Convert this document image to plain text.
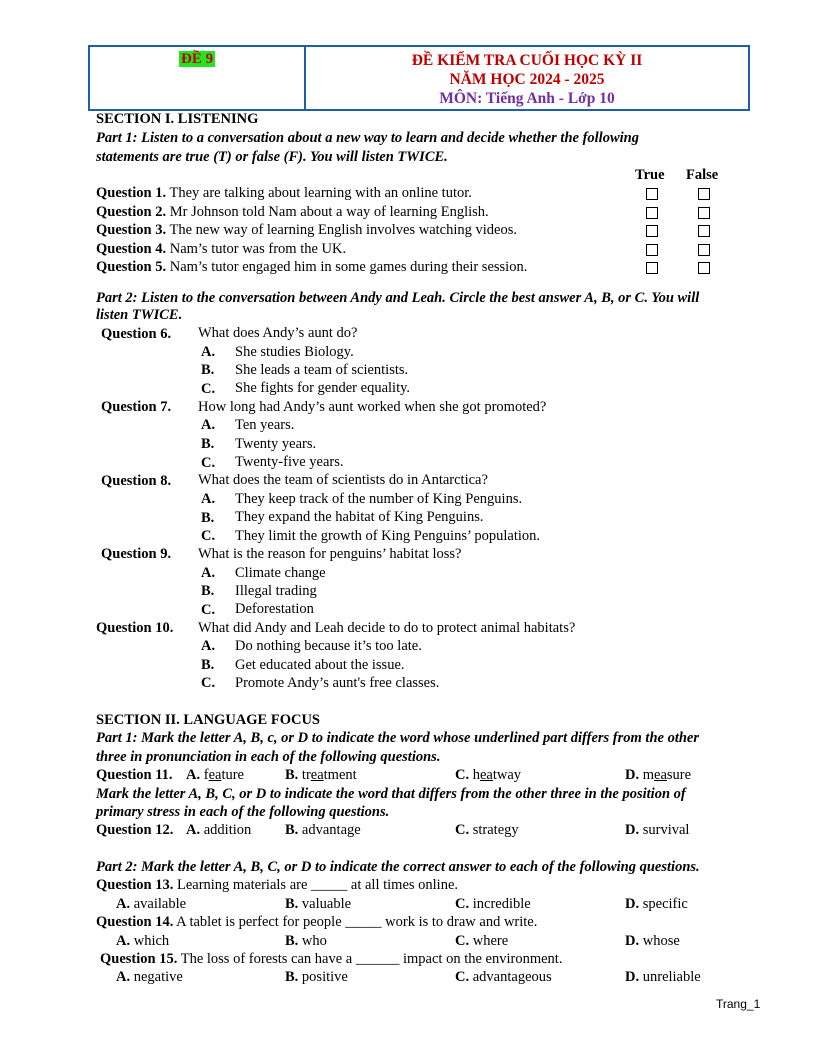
ĐỀ 9	ĐỀ KIỂM TRA CUỐI HỌC KỲ II
NĂM HỌC 2024 - 2025
MÔN: Tiếng Anh - Lớp 10
SECTION I. LISTENING
Part 1: Listen to a conversation about a new way to learn and decide whether the following
statements are true (T) or false (F). You will listen TWICE.
True False
Question 1. They are talking about learning with an online tutor.
Question 2. Mr Johnson told Nam about a way of learning English.
Question 3. The new way of learning English involves watching videos.
Question 4. Nam’s tutor was from the UK.
Question 5. Nam’s tutor engaged him in some games during their session.
Part 2: Listen to the conversation between Andy and Leah. Circle the best answer A, B, or C. You will
listen TWICE.
Question 6. What does Andy’s aunt do?
A. She studies Biology.
B. She leads a team of scientists.
C. She fights for gender equality.
Question 7. How long had Andy’s aunt worked when she got promoted?
A. Ten years.
B. Twenty years.
C. Twenty-five years.
Question 8. What does the team of scientists do in Antarctica?
A. They keep track of the number of King Penguins.
B. They expand the habitat of King Penguins.
C. They limit the growth of King Penguins’ population.
Question 9. What is the reason for penguins’ habitat loss?
A. Climate change
B. Illegal trading
C. Deforestation
Question 10. What did Andy and Leah decide to do to protect animal habitats?
A. Do nothing because it’s too late.
B. Get educated about the issue.
C. Promote Andy’s aunt's free classes.
SECTION II. LANGUAGE FOCUS
Part 1: Mark the letter A, B, c, or D to indicate the word whose underlined part differs from the other
three in pronunciation in each of the following questions.
Question 11. A. feature	B. treatment	C. heatway	D. measure
Mark the letter A, B, C, or D to indicate the word that differs from the other three in the position of
primary stress in each of the following questions.
Question 12. A. addition B. advantage	C. strategy	D. survival
Part 2: Mark the letter A, B, C, or D to indicate the correct answer to each of the following questions.
Question 13. Learning materials are _____ at all times online.
A. available	B. valuable	C. incredible	D. specific
Question 14. A tablet is perfect for people _____ work is to draw and write.
A. which	B. who	C. where	D. whose
Question 15. The loss of forests can have a ______ impact on the environment.
A. negative	B. positive	C. advantageous	D. unreliable
Trang_1
